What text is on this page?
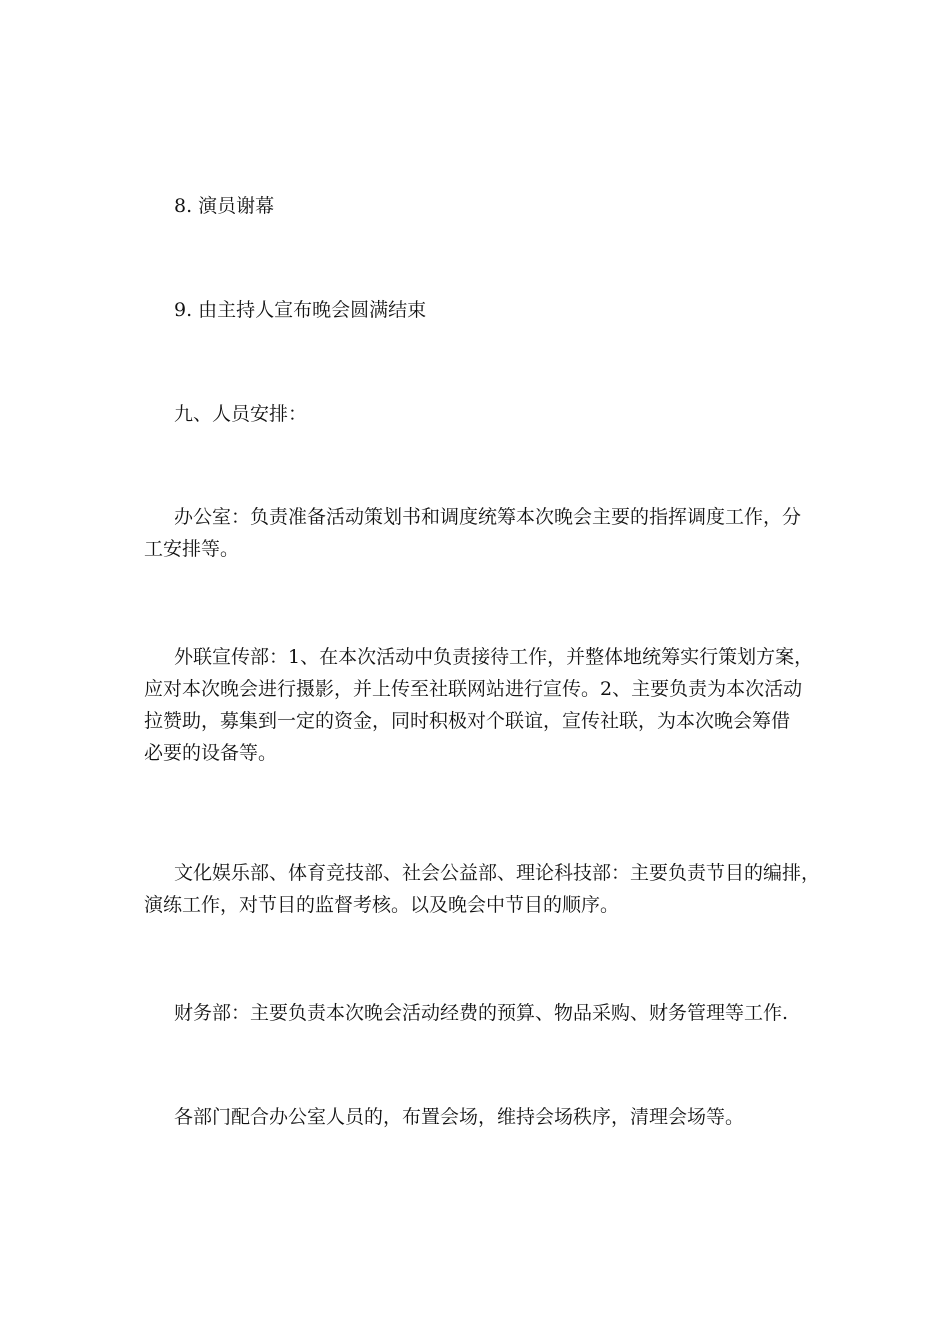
8. 演员谢幕

9. 由主持人宣布晚会圆满结束

九、人员安排：

办公室：负责准备活动策划书和调度统筹本次晚会主要的指挥调度工作，分
工安排等。

外联宣传部：1、在本次活动中负责接待工作，并整体地统筹实行策划方案，
应对本次晚会进行摄影，并上传至社联网站进行宣传。2、主要负责为本次活动
拉赞助，募集到一定的资金，同时积极对个联谊，宣传社联，为本次晚会筹借
必要的设备等。

文化娱乐部、体育竞技部、社会公益部、理论科技部：主要负责节目的编排，
演练工作，对节目的监督考核。以及晚会中节目的顺序。

财务部：主要负责本次晚会活动经费的预算、物品采购、财务管理等工作.

各部门配合办公室人员的，布置会场，维持会场秩序，清理会场等。
